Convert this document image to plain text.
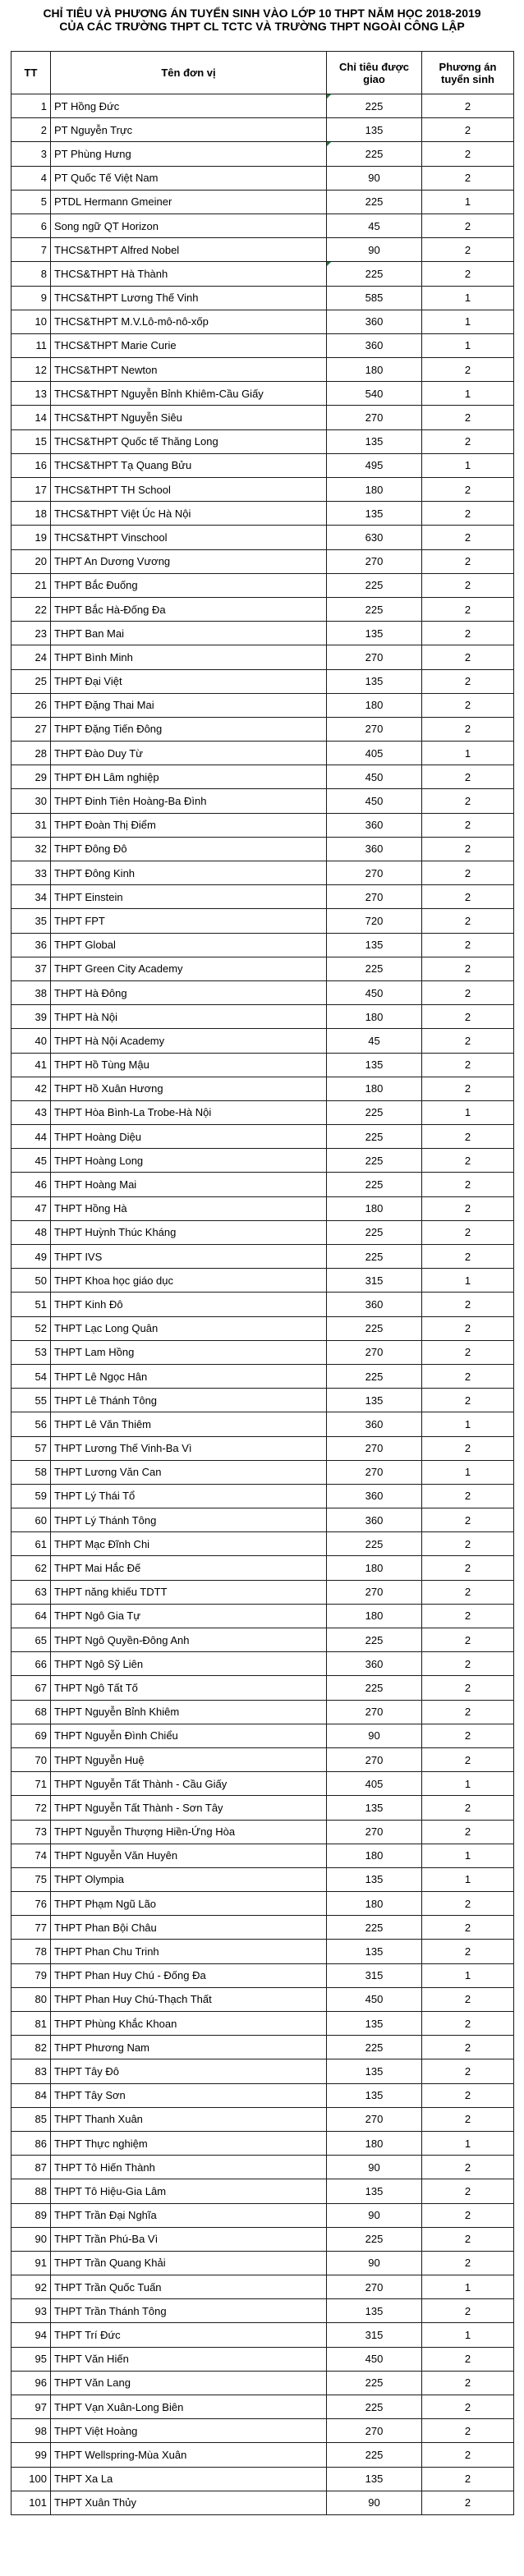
CHỈ TIÊU VÀ PHƯƠNG ÁN TUYỂN SINH VÀO LỚP 10 THPT NĂM HỌC 2018-2019
CỦA CÁC TRƯỜNG THPT CL TCTC VÀ TRƯỜNG THPT NGOÀI CÔNG LẬP
TT	Tên đơn vị	Chỉ tiêu được giao	Phương án tuyển sinh
1	PT Hồng Đức	225	2
2	PT Nguyễn Trực	135	2
3	PT Phùng Hưng	225	2
4	PT Quốc Tế Việt Nam	90	2
5	PTDL Hermann Gmeiner	225	1
6	Song ngữ QT Horizon	45	2
7	THCS&THPT Alfred Nobel	90	2
8	THCS&THPT Hà Thành	225	2
9	THCS&THPT Lương Thế Vinh	585	1
10	THCS&THPT M.V.Lô-mô-nô-xốp	360	1
11	THCS&THPT Marie Curie	360	1
12	THCS&THPT Newton	180	2
13	THCS&THPT Nguyễn Bỉnh Khiêm-Cầu Giấy	540	1
14	THCS&THPT Nguyễn Siêu	270	2
15	THCS&THPT Quốc tế Thăng Long	135	2
16	THCS&THPT Tạ Quang Bửu	495	1
17	THCS&THPT TH School	180	2
18	THCS&THPT Việt Úc Hà Nội	135	2
19	THCS&THPT Vinschool	630	2
20	THPT An Dương Vương	270	2
21	THPT Bắc Đuống	225	2
22	THPT Bắc Hà-Đống Đa	225	2
23	THPT Ban Mai	135	2
24	THPT Bình Minh	270	2
25	THPT Đại Việt	135	2
26	THPT Đặng Thai Mai	180	2
27	THPT Đặng Tiến Đông	270	2
28	THPT Đào Duy Từ	405	1
29	THPT ĐH Lâm nghiệp	450	2
30	THPT Đinh Tiên Hoàng-Ba Đình	450	2
31	THPT Đoàn Thị Điểm	360	2
32	THPT Đông Đô	360	2
33	THPT Đông Kinh	270	2
34	THPT Einstein	270	2
35	THPT FPT	720	2
36	THPT Global	135	2
37	THPT Green City Academy	225	2
38	THPT Hà Đông	450	2
39	THPT Hà Nội	180	2
40	THPT Hà Nội Academy	45	2
41	THPT Hồ Tùng Mậu	135	2
42	THPT Hồ Xuân Hương	180	2
43	THPT Hòa Bình-La Trobe-Hà Nội	225	1
44	THPT Hoàng Diệu	225	2
45	THPT Hoàng Long	225	2
46	THPT Hoàng Mai	225	2
47	THPT Hồng Hà	180	2
48	THPT Huỳnh Thúc Kháng	225	2
49	THPT IVS	225	2
50	THPT Khoa học giáo dục	315	1
51	THPT Kinh Đô	360	2
52	THPT Lạc Long Quân	225	2
53	THPT Lam Hồng	270	2
54	THPT Lê Ngọc Hân	225	2
55	THPT Lê Thánh Tông	135	2
56	THPT Lê Văn Thiêm	360	1
57	THPT Lương Thế Vinh-Ba Vì	270	2
58	THPT Lương Văn Can	270	1
59	THPT Lý Thái Tổ	360	2
60	THPT Lý Thánh Tông	360	2
61	THPT Mạc Đĩnh Chi	225	2
62	THPT Mai Hắc Đế	180	2
63	THPT năng khiếu TDTT	270	2
64	THPT Ngô Gia Tự	180	2
65	THPT Ngô Quyền-Đông Anh	225	2
66	THPT Ngô Sỹ Liên	360	2
67	THPT Ngô Tất Tố	225	2
68	THPT Nguyễn Bỉnh Khiêm	270	2
69	THPT Nguyễn Đình Chiểu	90	2
70	THPT Nguyễn Huệ	270	2
71	THPT Nguyễn Tất Thành - Cầu Giấy	405	1
72	THPT Nguyễn Tất Thành - Sơn Tây	135	2
73	THPT Nguyễn Thượng Hiền-Ứng Hòa	270	2
74	THPT Nguyễn Văn Huyên	180	1
75	THPT Olympia	135	1
76	THPT Phạm Ngũ Lão	180	2
77	THPT Phan Bội Châu	225	2
78	THPT Phan Chu Trinh	135	2
79	THPT Phan Huy Chú - Đống Đa	315	1
80	THPT Phan Huy Chú-Thạch Thất	450	2
81	THPT Phùng Khắc Khoan	135	2
82	THPT Phương Nam	225	2
83	THPT Tây Đô	135	2
84	THPT Tây Sơn	135	2
85	THPT Thanh Xuân	270	2
86	THPT Thực nghiệm	180	1
87	THPT Tô Hiến Thành	90	2
88	THPT Tô Hiệu-Gia Lâm	135	2
89	THPT Trần Đại Nghĩa	90	2
90	THPT Trần Phú-Ba Vì	225	2
91	THPT Trần Quang Khải	90	2
92	THPT Trần Quốc Tuấn	270	1
93	THPT Trần Thánh Tông	135	2
94	THPT Trí Đức	315	1
95	THPT Văn Hiến	450	2
96	THPT Văn Lang	225	2
97	THPT Vạn Xuân-Long Biên	225	2
98	THPT Việt Hoàng	270	2
99	THPT Wellspring-Mùa Xuân	225	2
100	THPT Xa La	135	2
101	THPT Xuân Thủy	90	2
